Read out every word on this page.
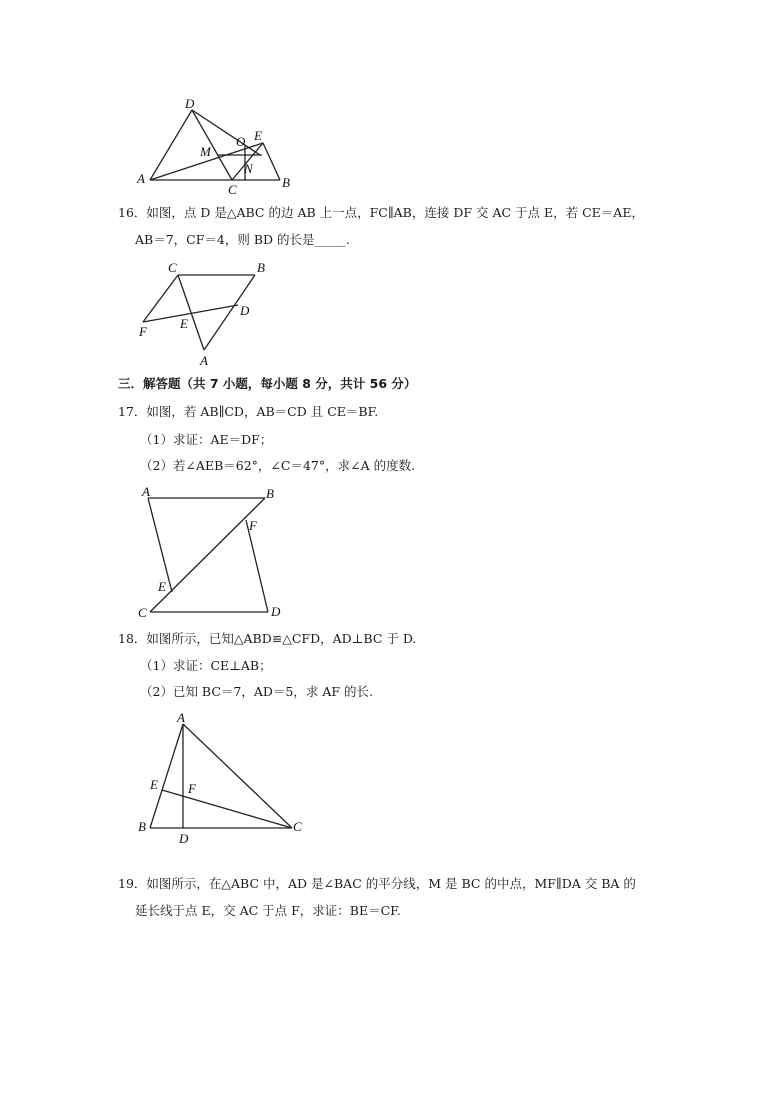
D
O E
M
N
A
C	B
16．如图，点 D 是△ABC 的边 AB 上一点，FC∥AB，连接 DF 交 AC 于点 E，若 CE＝AE，
AB＝7，CF＝4，则 BD 的长是_____.
C	B
F
E
D
A
三．解答题（共 7 小题，每小题 8 分，共计 56 分）
17．如图，若 AB∥CD，AB＝CD 且 CE＝BF.
（1）求证：AE＝DF；
（2）若∠AEB＝62°，∠C＝47°，求∠A 的度数.
A	B
F
E
C	D
18．如图所示，已知△ABD≌△CFD，AD⊥BC 于 D.
（1）求证：CE⊥AB；
（2）已知 BC＝7，AD＝5，求 AF 的长.
A
E F
B
D
C
19．如图所示，在△ABC 中，AD 是∠BAC 的平分线，M 是 BC 的中点，MF∥DA 交 BA 的
延长线于点 E，交 AC 于点 F，求证：BE＝CF.
